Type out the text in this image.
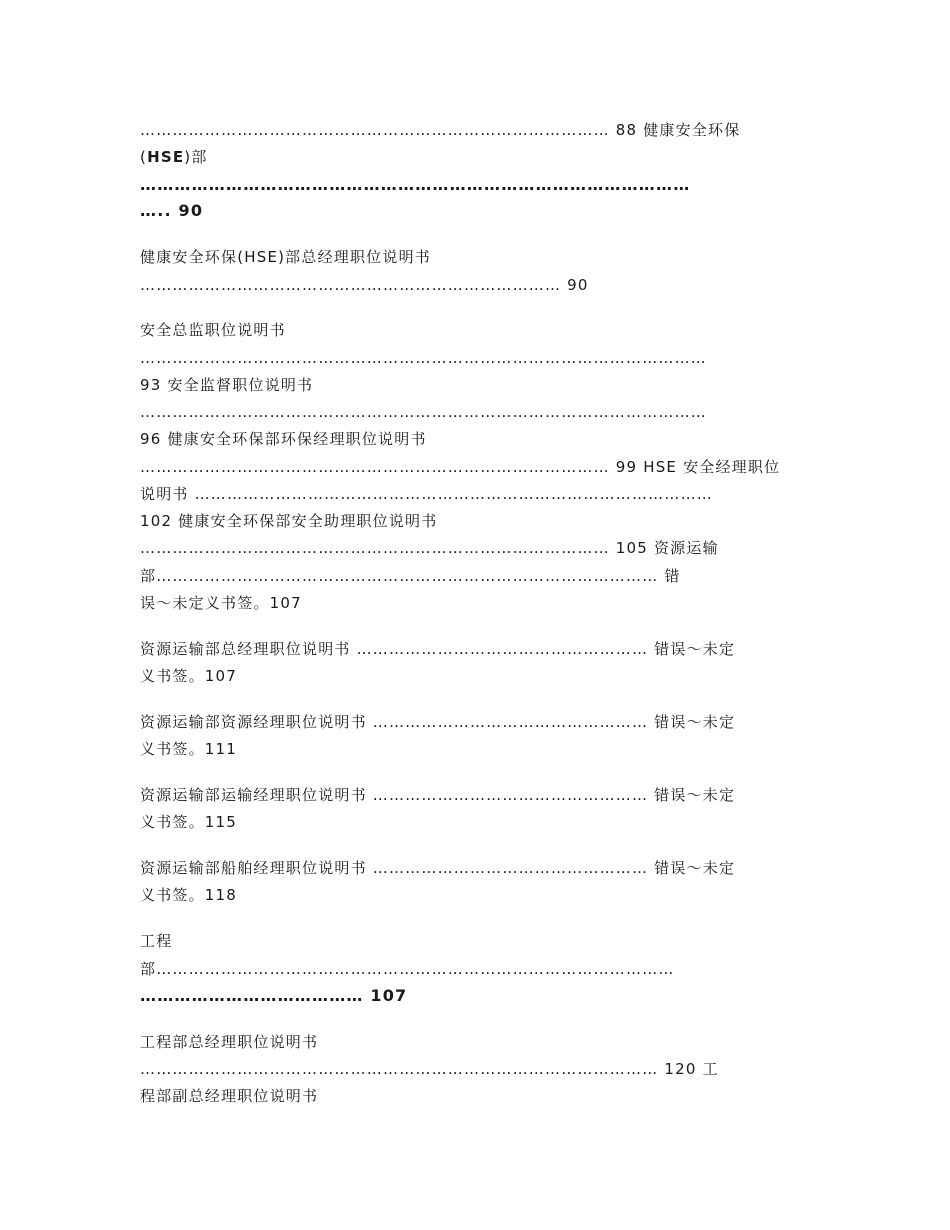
…………………………………………………………………………… 88 健康安全环保
(HSE)部
……………………………………………………………………………………
….. 90
健康安全环保(HSE)部总经理职位说明书
…………………………………………………………………… 90
安全总监职位说明书
……………………………………………………………………………………………
93 安全监督职位说明书
……………………………………………………………………………………………
96 健康安全环保部环保经理职位说明书
…………………………………………………………………………… 99 HSE 安全经理职位
说明书 ……………………………………………………………………………………
102 健康安全环保部安全助理职位说明书
…………………………………………………………………………… 105 资源运输
部………………………………………………………………………………… 错
误～未定义书签。107
资源运输部总经理职位说明书 ……………………………………………… 错误～未定
义书签。107
资源运输部资源经理职位说明书 …………………………………………… 错误～未定
义书签。111
资源运输部运输经理职位说明书 …………………………………………… 错误～未定
义书签。115
资源运输部船舶经理职位说明书 …………………………………………… 错误～未定
义书签。118
工程
部……………………………………………………………………………………
………………………………… 107
工程部总经理职位说明书
…………………………………………………………………………………… 120 工
程部副总经理职位说明书
